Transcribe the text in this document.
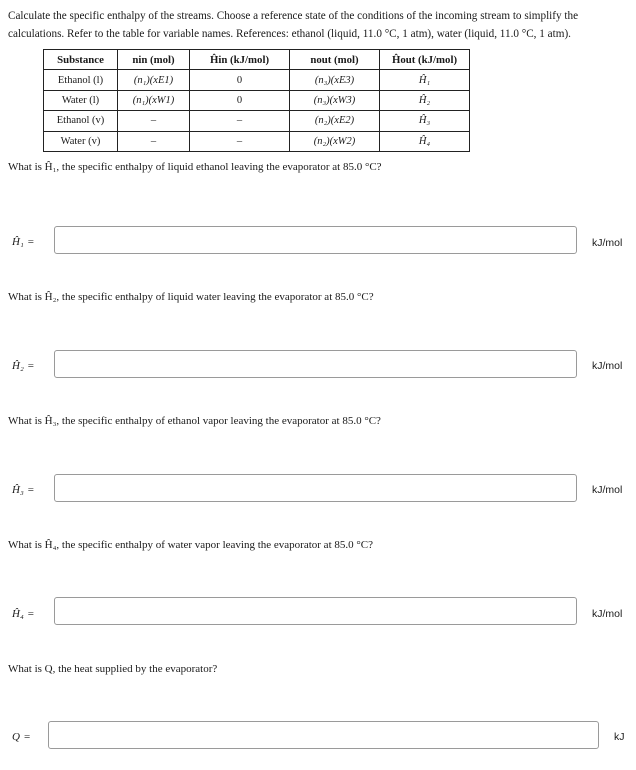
Calculate the specific enthalpy of the streams. Choose a reference state of the conditions of the incoming stream to simplify the calculations. Refer to the table for variable names. References: ethanol (liquid, 11.0 °C, 1 atm), water (liquid, 11.0 °C, 1 atm).
Substance	nin (mol)	Ĥin (kJ/mol)	nout (mol)	Ĥout (kJ/mol)
Ethanol (l)	(n₁)(xE1)	0	(n₃)(xE3)	Ĥ₁
Water (l)	(n₁)(xW1)	0	(n₃)(xW3)	Ĥ₂
Ethanol (v)	–	–	(n₂)(xE2)	Ĥ₃
Water (v)	–	–	(n₂)(xW2)	Ĥ₄
What is Ĥ₁, the specific enthalpy of liquid ethanol leaving the evaporator at 85.0 °C?
Ĥ₁ =	kJ/mol
What is Ĥ₂, the specific enthalpy of liquid water leaving the evaporator at 85.0 °C?
Ĥ₂ =	kJ/mol
What is Ĥ₃, the specific enthalpy of ethanol vapor leaving the evaporator at 85.0 °C?
Ĥ₃ =	kJ/mol
What is Ĥ₄, the specific enthalpy of water vapor leaving the evaporator at 85.0 °C?
Ĥ₄ =	kJ/mol
What is Q, the heat supplied by the evaporator?
Q =	kJ
